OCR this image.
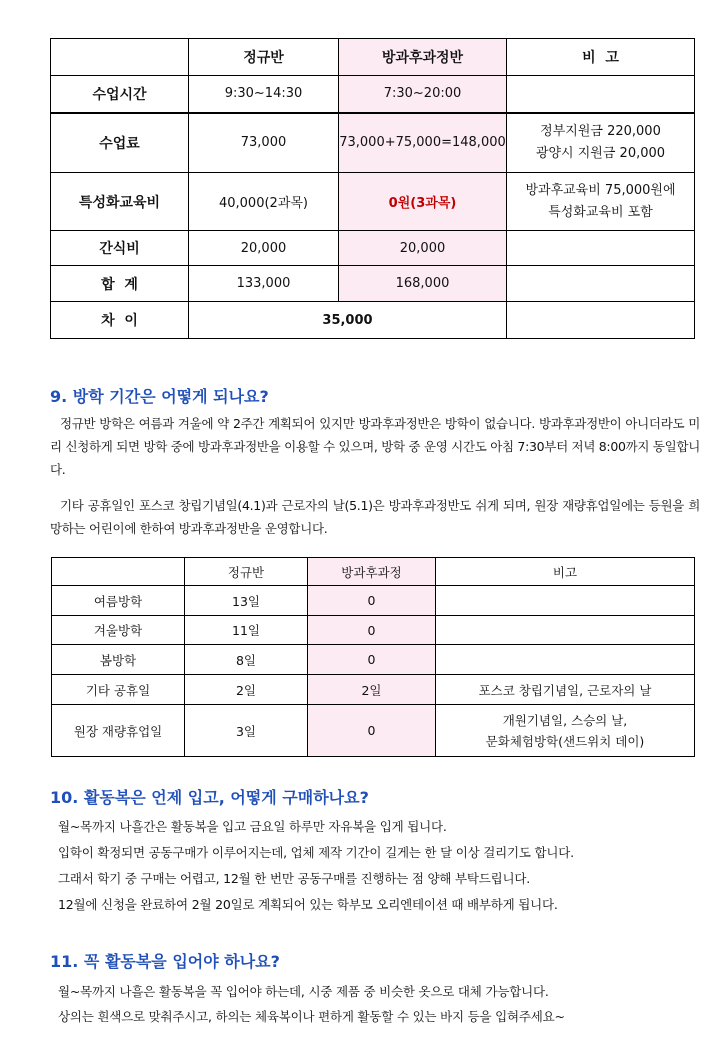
	정규반	방과후과정반	비  고
수업시간	9:30~14:30	7:30~20:00	
수업료	73,000	73,000+75,000=148,000	정부지원금 220,000
광양시 지원금 20,000

특성화교육비	40,000(2과목)	0원(3과목)	방과후교육비 75,000원에
특성화교육비 포함

간식비	20,000	20,000	
합  계	133,000	168,000	
차  이	35,000		
9. 방학 기간은 어떻게 되나요?

정규반 방학은 여름과 겨울에 약 2주간 계획되어 있지만 방과후과정반은 방학이 없습니다. 방과후과정반이 아니더라도 미리 신청하게 되면 방학 중에 방과후과정반을 이용할 수 있으며, 방학 중 운영 시간도 아침 7:30부터 저녁 8:00까지 동일합니다.

기타 공휴일인 포스코 창립기념일(4.1)과 근로자의 날(5.1)은 방과후과정반도 쉬게 되며, 원장 재량휴업일에는 등원을 희망하는 어린이에 한하여 방과후과정반을 운영합니다.

	정규반	방과후과정	비고
여름방학	13일	0	
겨울방학	11일	0	
봄방학	8일	0	
기타 공휴일	2일	2일	포스코 창립기념일, 근로자의 날
원장 재량휴업일	3일	0	개원기념일, 스승의 날,
문화체험방학(샌드위치 데이)
10. 활동복은 언제 입고, 어떻게 구매하나요?

월~목까지 나흘간은 활동복을 입고 금요일 하루만 자유복을 입게 됩니다.

입학이 확정되면 공동구매가 이루어지는데, 업체 제작 기간이 길게는 한 달 이상 걸리기도 합니다.

그래서 학기 중 구매는 어렵고, 12월 한 번만 공동구매를 진행하는 점 양해 부탁드립니다.

12월에 신청을 완료하여 2월 20일로 계획되어 있는 학부모 오리엔테이션 때 배부하게 됩니다.

11. 꼭 활동복을 입어야 하나요?

월~목까지 나흘은 활동복을 꼭 입어야 하는데, 시중 제품 중 비슷한 옷으로 대체 가능합니다.

상의는 흰색으로 맞춰주시고, 하의는 체육복이나 편하게 활동할 수 있는 바지 등을 입혀주세요~
